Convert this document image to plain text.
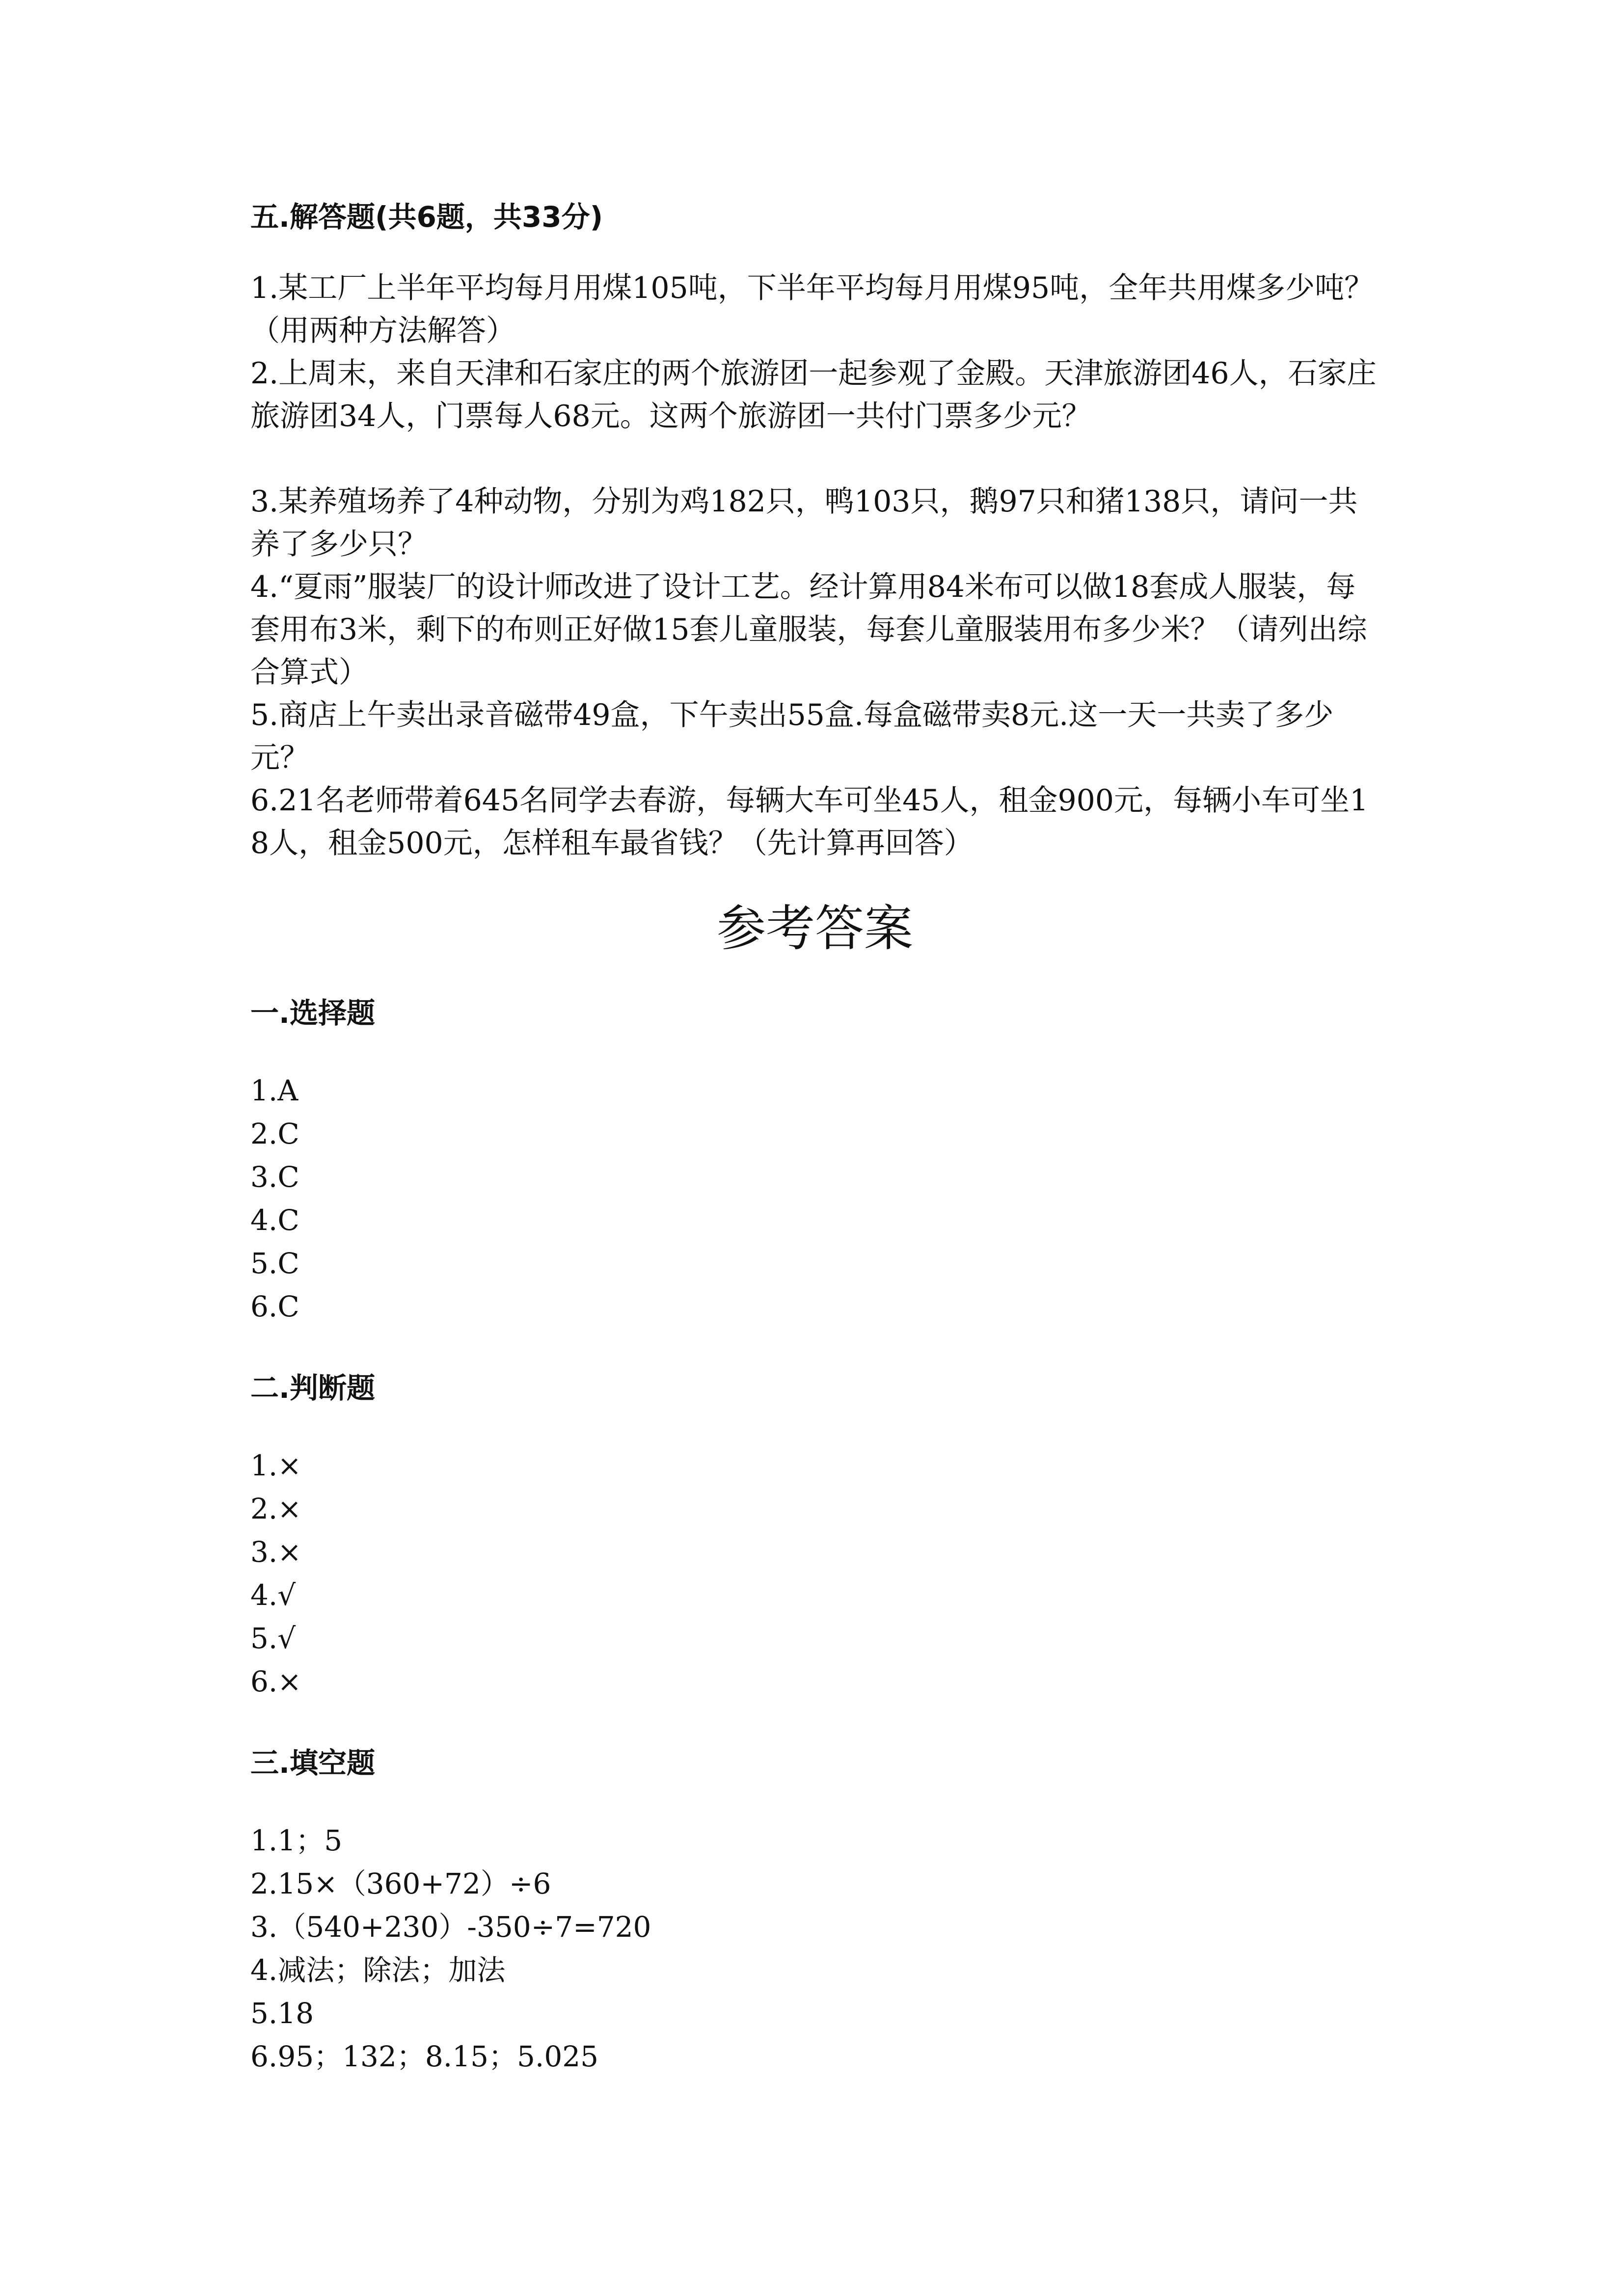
五.解答题(共6题，共33分)
1.某工厂上半年平均每月用煤105吨，下半年平均每月用煤95吨，全年共用煤多少吨？（用两种方法解答）
2.上周末，来自天津和石家庄的两个旅游团一起参观了金殿。天津旅游团46人，石家庄旅游团34人，门票每人68元。这两个旅游团一共付门票多少元？
3.某养殖场养了4种动物，分别为鸡182只，鸭103只，鹅97只和猪138只，请问一共养了多少只？
4.“夏雨”服装厂的设计师改进了设计工艺。经计算用84米布可以做18套成人服装，每套用布3米，剩下的布则正好做15套儿童服装，每套儿童服装用布多少米？（请列出综合算式）
5.商店上午卖出录音磁带49盒，下午卖出55盒.每盒磁带卖8元.这一天一共卖了多少元？
6.21名老师带着645名同学去春游，每辆大车可坐45人，租金900元，每辆小车可坐18人，租金500元，怎样租车最省钱？（先计算再回答）
参考答案
一.选择题
1.A
2.C
3.C
4.C
5.C
6.C
二.判断题
1.×
2.×
3.×
4.√
5.√
6.×
三.填空题
1.1；5
2.15×（360+72）÷6
3.（540+230）-350÷7=720
4.减法；除法；加法
5.18
6.95；132；8.15；5.025
